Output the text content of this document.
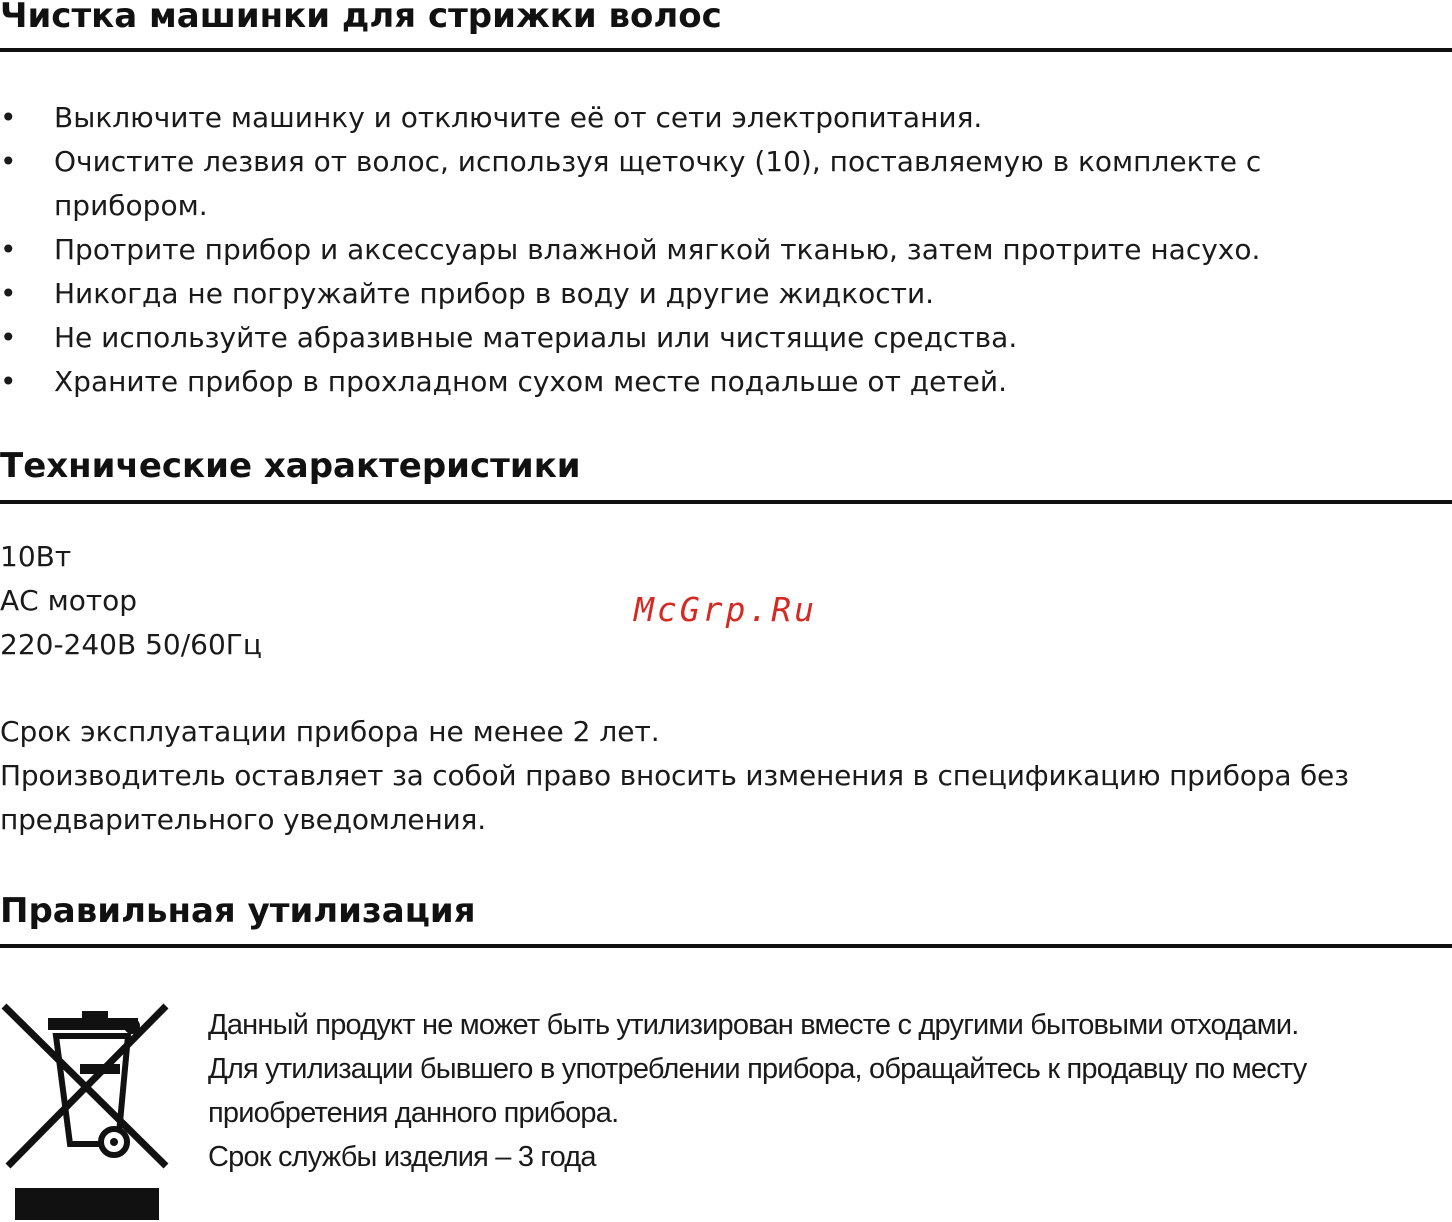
Чистка машинки для стрижки волос
• Выключите машинку и отключите её от сети электропитания.
• Очистите лезвия от волос, используя щеточку (10), поставляемую в комплекте с прибором.
• Протрите прибор и аксессуары влажной мягкой тканью, затем протрите насухо.
• Никогда не погружайте прибор в воду и другие жидкости.
• Не используйте абразивные материалы или чистящие средства.
• Храните прибор в прохладном сухом месте подальше от детей.
Технические характеристики

10Вт

АС мотор

220-240В 50/60Гц

McGrp.Ru

Срок эксплуатации прибора не менее 2 лет.

Производитель оставляет за собой право вносить изменения в спецификацию прибора без предварительного уведомления.

Правильная утилизация
Данный продукт не может быть утилизирован вместе с другими бытовыми отходами.
Для утилизации бывшего в употреблении прибора, обращайтесь к продавцу по месту приобретения данного прибора.
Срок службы изделия – 3 года
